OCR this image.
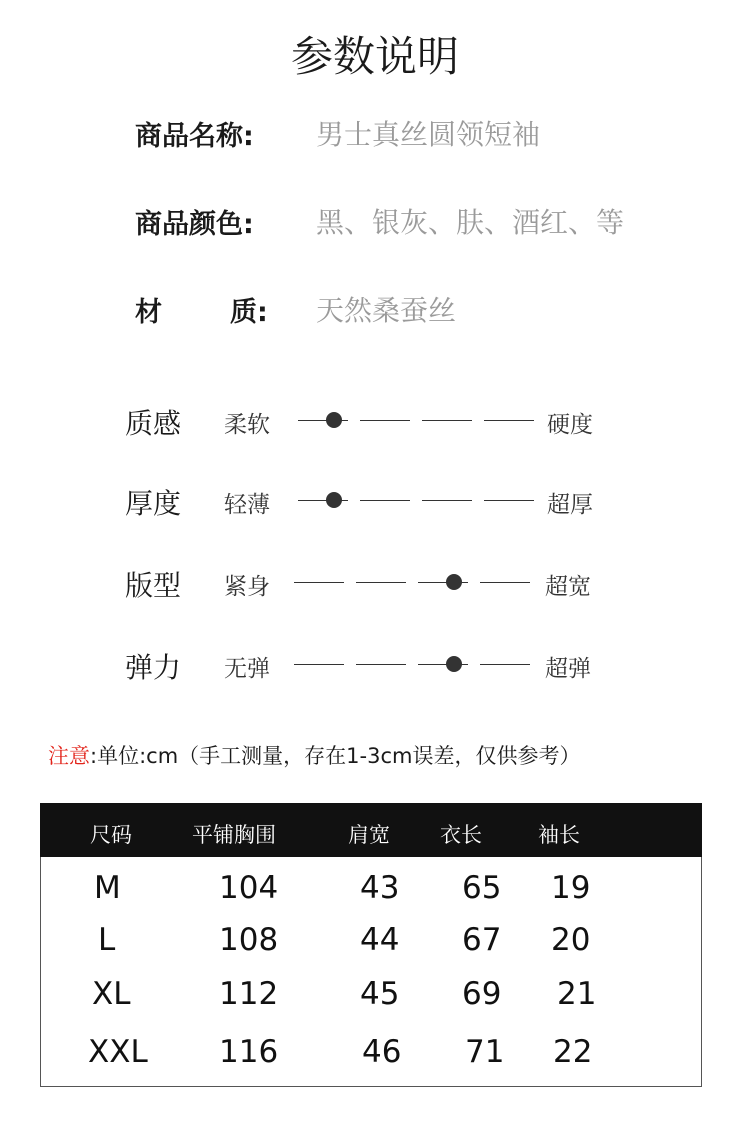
参数说明
商品名称: 男士真丝圆领短袖
商品颜色: 黑、银灰、肤、酒红、等
材	质: 天然桑蚕丝
质感 柔软	硬度
厚度 轻薄	超厚
版型 紧身	超宽
弹力 无弹	超弹
注意:单位:cm（手工测量，存在1-3cm误差，仅供参考）
尺码	平铺胸围	肩宽 衣长	袖长
M	104	43 65 19
L	108	44 67 20
XL	112	45 69 21
XXL 116	46 71 22
